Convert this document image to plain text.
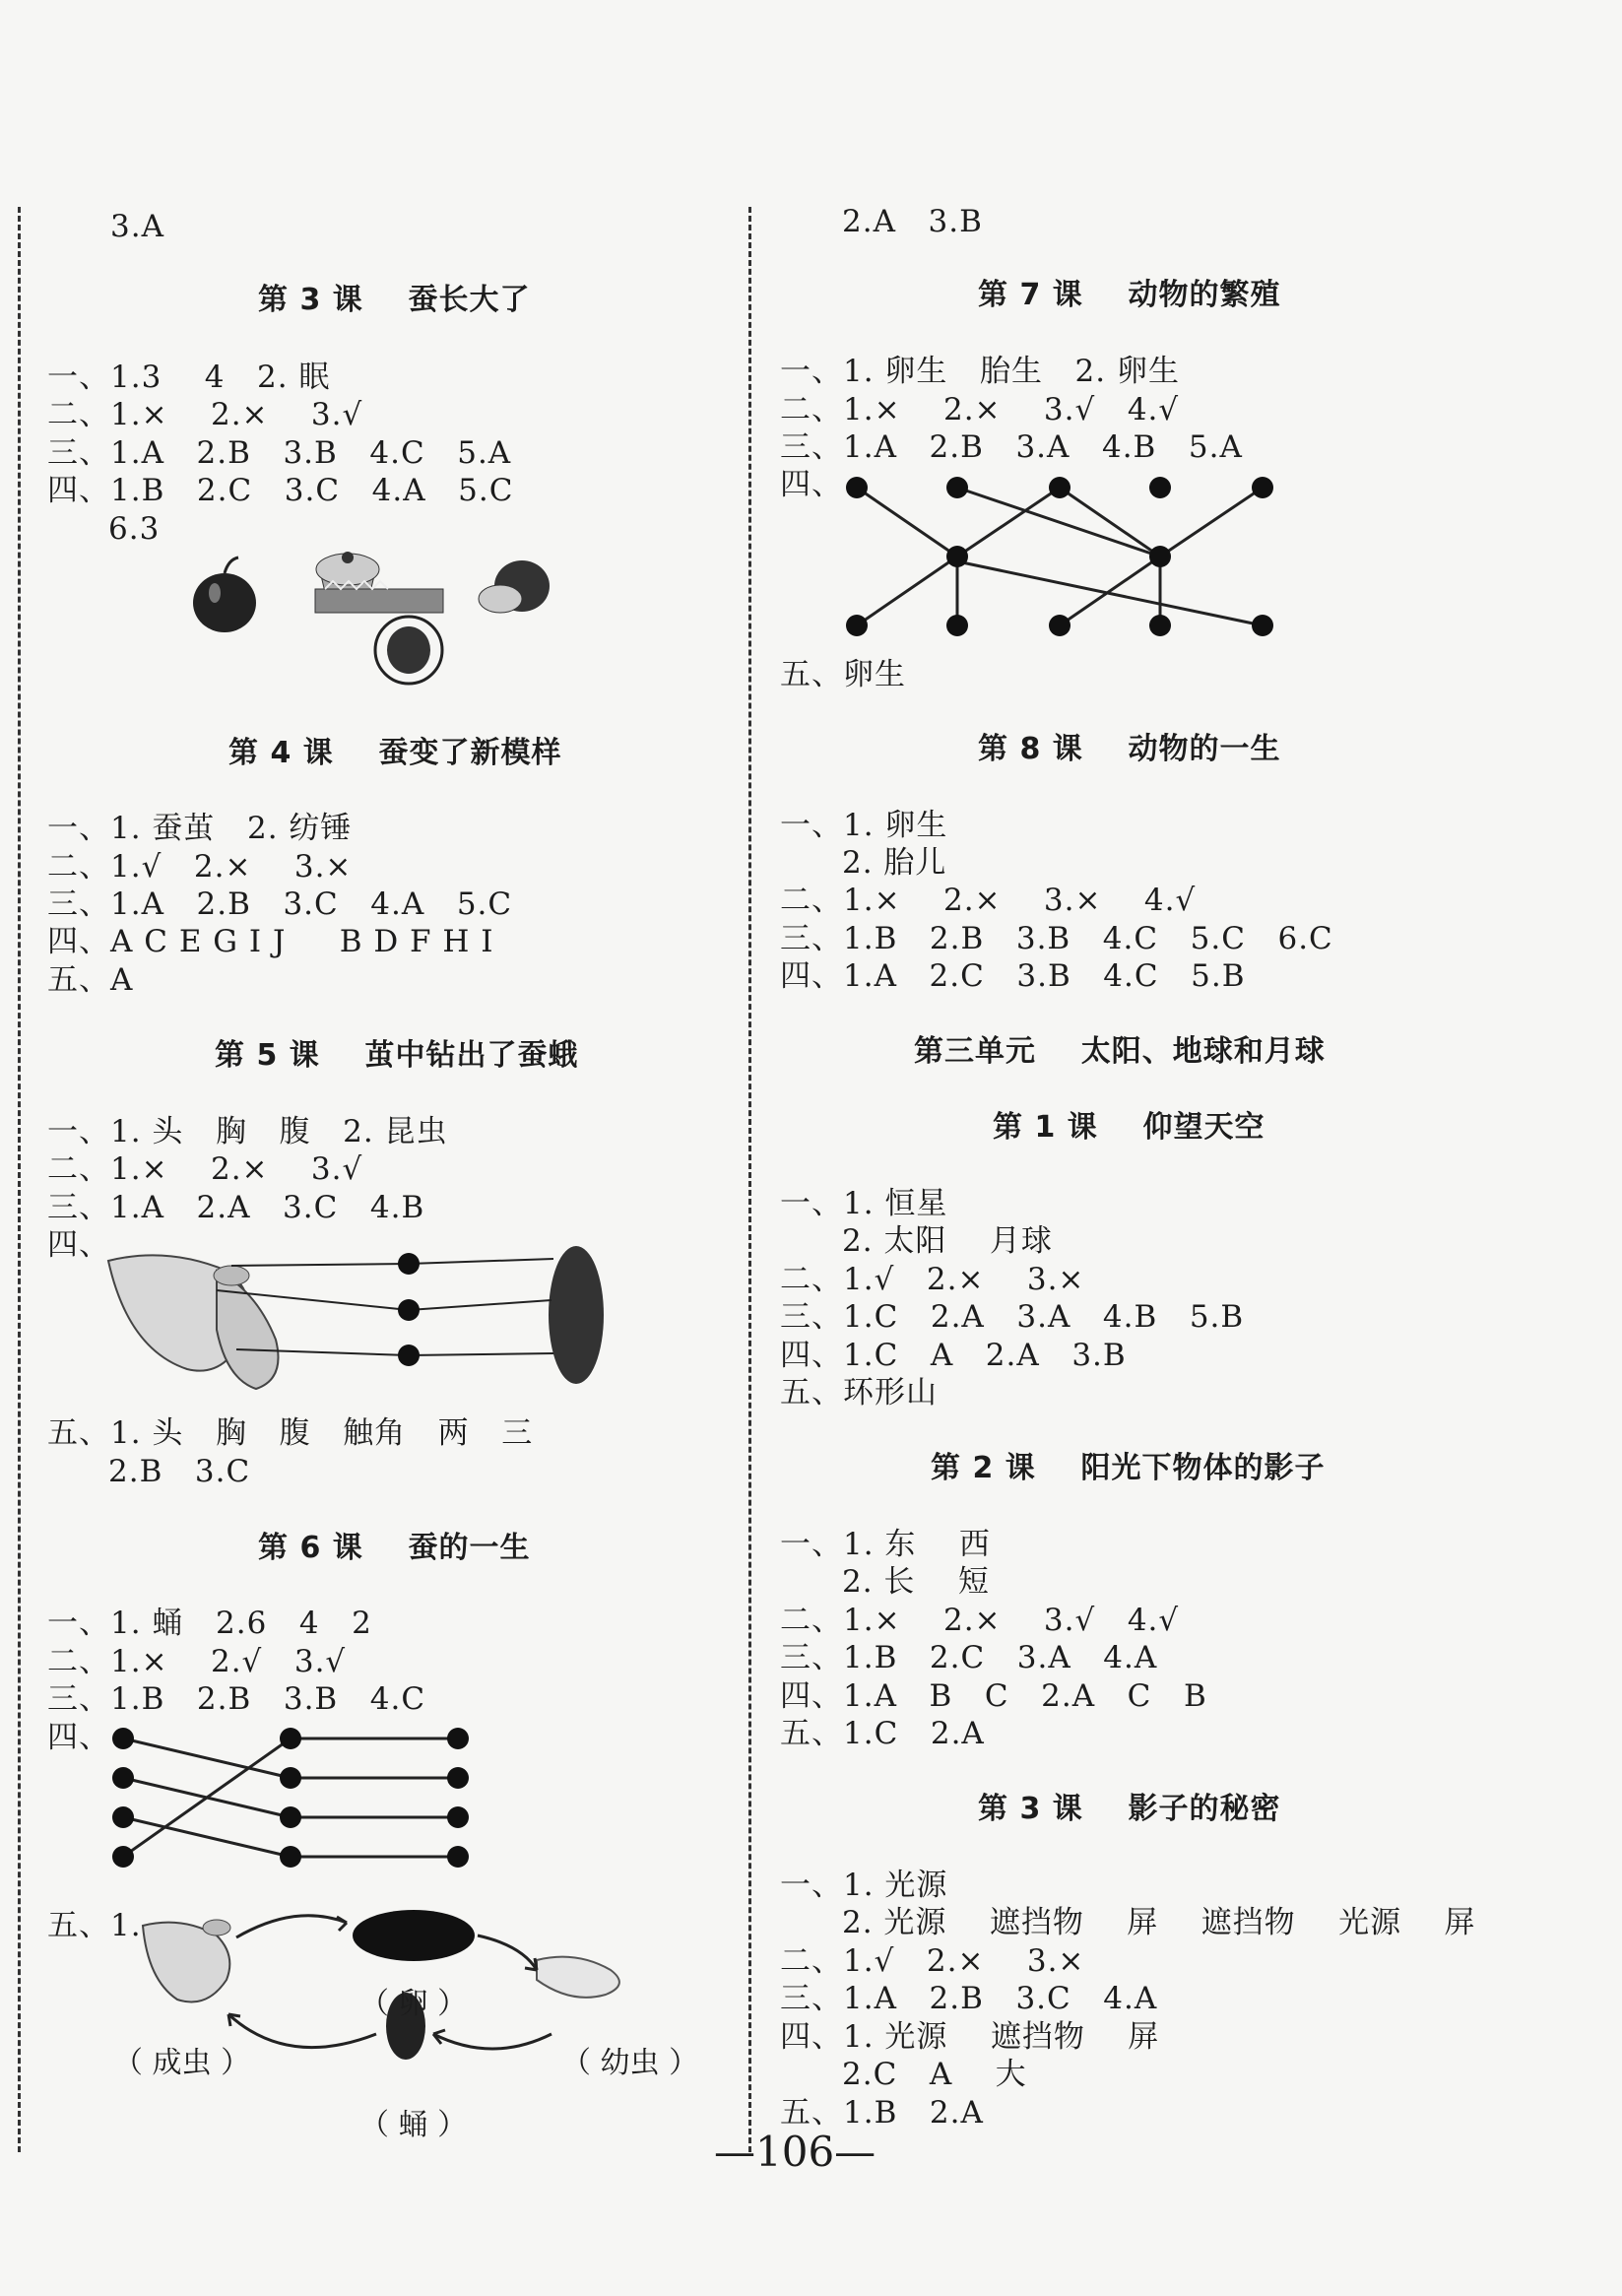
3.A
第 3 课    蚕长大了
一、1.3    4   2. 眠
二、1.×    2.×    3.√
三、1.A   2.B   3.B   4.C   5.A
四、1.B   2.C   3.C   4.A   5.C
6.3
第 4 课    蚕变了新模样
一、1. 蚕茧   2. 纺锤
二、1.√   2.×    3.×
三、1.A   2.B   3.C   4.A   5.C
四、A C E G I J     B D F H I
五、A
第 5 课    茧中钻出了蚕蛾
一、1. 头   胸   腹   2. 昆虫
二、1.×    2.×    3.√
三、1.A   2.A   3.C   4.B
四、
五、1. 头   胸   腹   触角   两   三
2.B   3.C
第 6 课    蚕的一生
一、1. 蛹   2.6   4   2
二、1.×    2.√   3.√
三、1.B   2.B   3.B   4.C
四、
五、1.
（ 卵 ）
（ 幼虫 ）
（ 蛹 ）
（ 成虫 ）
2.A   3.B
第 7 课    动物的繁殖
一、1. 卵生   胎生   2. 卵生
二、1.×    2.×    3.√   4.√
三、1.A   2.B   3.A   4.B   5.A
四、
五、卵生
第 8 课    动物的一生
一、1. 卵生
2. 胎儿
二、1.×    2.×    3.×    4.√
三、1.B   2.B   3.B   4.C   5.C   6.C
四、1.A   2.C   3.B   4.C   5.B
第三单元    太阳、地球和月球
第 1 课    仰望天空
一、1. 恒星
2. 太阳    月球
二、1.√   2.×    3.×
三、1.C   2.A   3.A   4.B   5.B
四、1.C   A   2.A   3.B
五、环形山
第 2 课    阳光下物体的影子
一、1. 东    西
2. 长    短
二、1.×    2.×    3.√   4.√
三、1.B   2.C   3.A   4.A
四、1.A   B   C   2.A   C   B
五、1.C   2.A
第 3 课    影子的秘密
一、1. 光源
2. 光源    遮挡物    屏    遮挡物    光源    屏
二、1.√   2.×    3.×
三、1.A   2.B   3.C   4.A
四、1. 光源    遮挡物    屏
2.C   A    大
五、1.B   2.A
—106—
